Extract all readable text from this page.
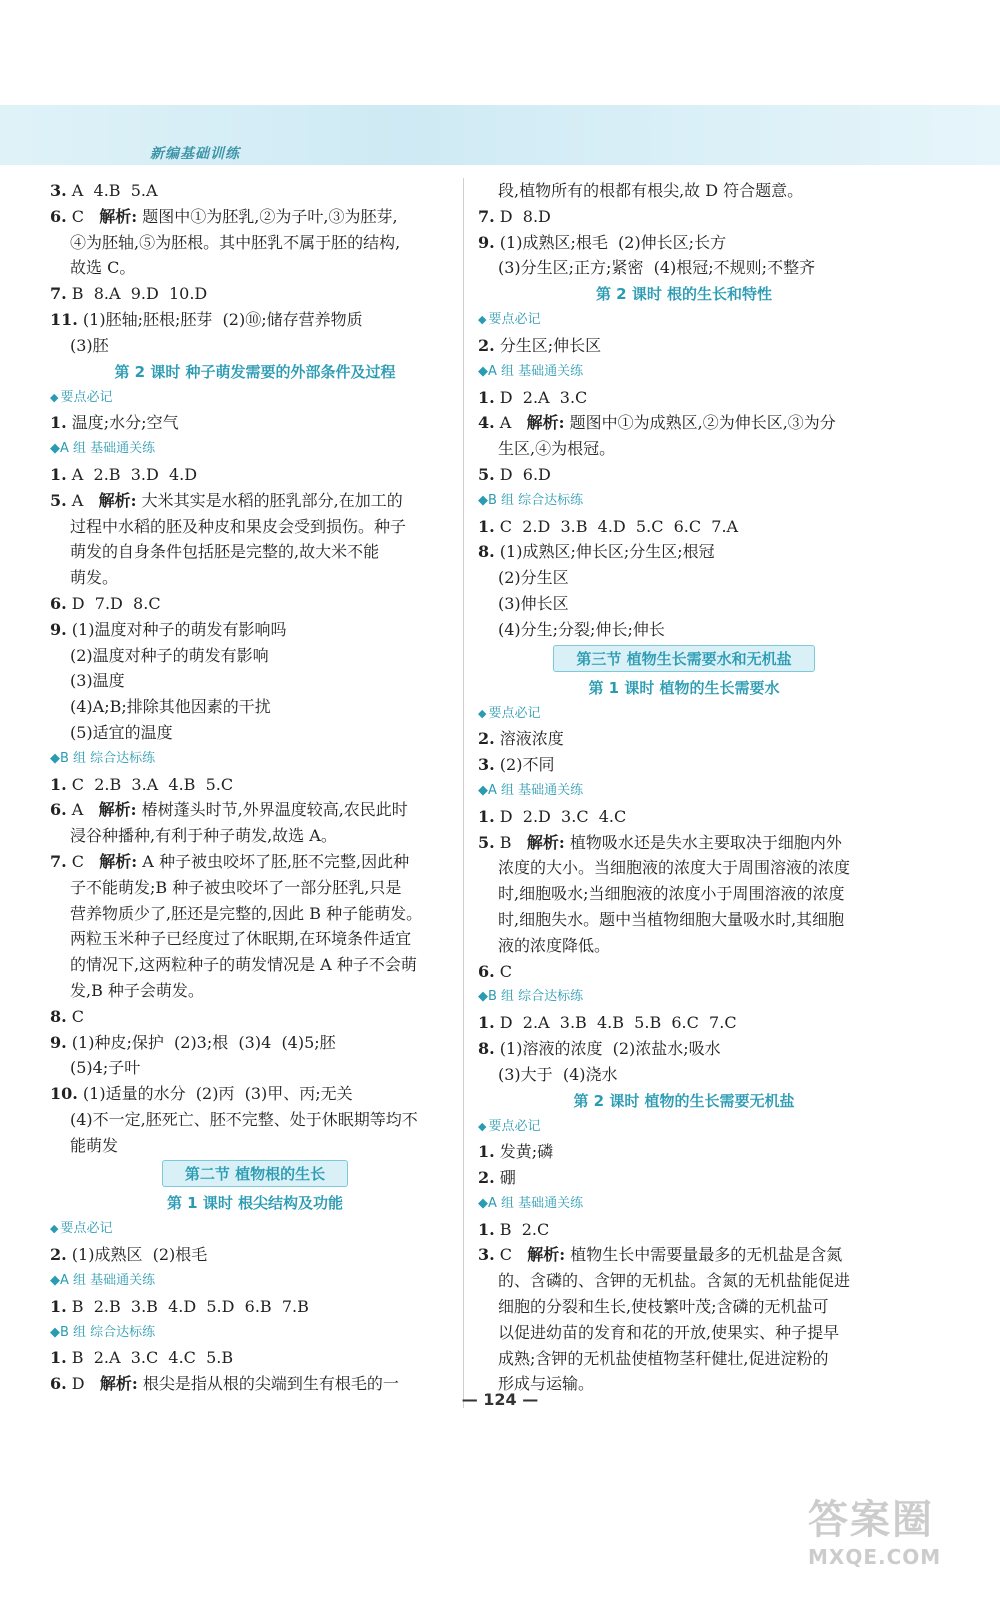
新编基础训练
3. A  4.B  5.A
6. C   解析: 题图中①为胚乳,②为子叶,③为胚芽,
④为胚轴,⑤为胚根。其中胚乳不属于胚的结构,
故选 C。
7. B  8.A  9.D  10.D
11. (1)胚轴;胚根;胚芽  (2)⑩;储存营养物质
(3)胚
第 2 课时 种子萌发需要的外部条件及过程
◆ 要点必记
1. 温度;水分;空气
◆A 组 基础通关练
1. A  2.B  3.D  4.D
5. A   解析: 大米其实是水稻的胚乳部分,在加工的
过程中水稻的胚及种皮和果皮会受到损伤。种子
萌发的自身条件包括胚是完整的,故大米不能
萌发。
6. D  7.D  8.C
9. (1)温度对种子的萌发有影响吗
(2)温度对种子的萌发有影响
(3)温度
(4)A;B;排除其他因素的干扰
(5)适宜的温度
◆B 组 综合达标练
1. C  2.B  3.A  4.B  5.C
6. A   解析: 椿树蓬头时节,外界温度较高,农民此时
浸谷种播种,有利于种子萌发,故选 A。
7. C   解析: A 种子被虫咬坏了胚,胚不完整,因此种
子不能萌发;B 种子被虫咬坏了一部分胚乳,只是
营养物质少了,胚还是完整的,因此 B 种子能萌发。
两粒玉米种子已经度过了休眠期,在环境条件适宜
的情况下,这两粒种子的萌发情况是 A 种子不会萌
发,B 种子会萌发。
8. C
9. (1)种皮;保护  (2)3;根  (3)4  (4)5;胚
(5)4;子叶
10. (1)适量的水分  (2)丙  (3)甲、丙;无关
(4)不一定,胚死亡、胚不完整、处于休眠期等均不
能萌发
第二节 植物根的生长
第 1 课时 根尖结构及功能
◆ 要点必记
2. (1)成熟区  (2)根毛
◆A 组 基础通关练
1. B  2.B  3.B  4.D  5.D  6.B  7.B
◆B 组 综合达标练
1. B  2.A  3.C  4.C  5.B
6. D   解析: 根尖是指从根的尖端到生有根毛的一
段,植物所有的根都有根尖,故 D 符合题意。
7. D  8.D
9. (1)成熟区;根毛  (2)伸长区;长方
(3)分生区;正方;紧密  (4)根冠;不规则;不整齐
第 2 课时 根的生长和特性
◆ 要点必记
2. 分生区;伸长区
◆A 组 基础通关练
1. D  2.A  3.C
4. A   解析: 题图中①为成熟区,②为伸长区,③为分
生区,④为根冠。
5. D  6.D
◆B 组 综合达标练
1. C  2.D  3.B  4.D  5.C  6.C  7.A
8. (1)成熟区;伸长区;分生区;根冠
(2)分生区
(3)伸长区
(4)分生;分裂;伸长;伸长
第三节 植物生长需要水和无机盐
第 1 课时 植物的生长需要水
◆ 要点必记
2. 溶液浓度
3. (2)不同
◆A 组 基础通关练
1. D  2.D  3.C  4.C
5. B   解析: 植物吸水还是失水主要取决于细胞内外
浓度的大小。当细胞液的浓度大于周围溶液的浓度
时,细胞吸水;当细胞液的浓度小于周围溶液的浓度
时,细胞失水。题中当植物细胞大量吸水时,其细胞
液的浓度降低。
6. C
◆B 组 综合达标练
1. D  2.A  3.B  4.B  5.B  6.C  7.C
8. (1)溶液的浓度  (2)浓盐水;吸水
(3)大于  (4)浇水
第 2 课时 植物的生长需要无机盐
◆ 要点必记
1. 发黄;磷
2. 硼
◆A 组 基础通关练
1. B  2.C
3. C   解析: 植物生长中需要量最多的无机盐是含氮
的、含磷的、含钾的无机盐。含氮的无机盐能促进
细胞的分裂和生长,使枝繁叶茂;含磷的无机盐可
以促进幼苗的发育和花的开放,使果实、种子提早
成熟;含钾的无机盐使植物茎秆健壮,促进淀粉的
形成与运输。
— 124 —
答案圈
MXQE.COM
